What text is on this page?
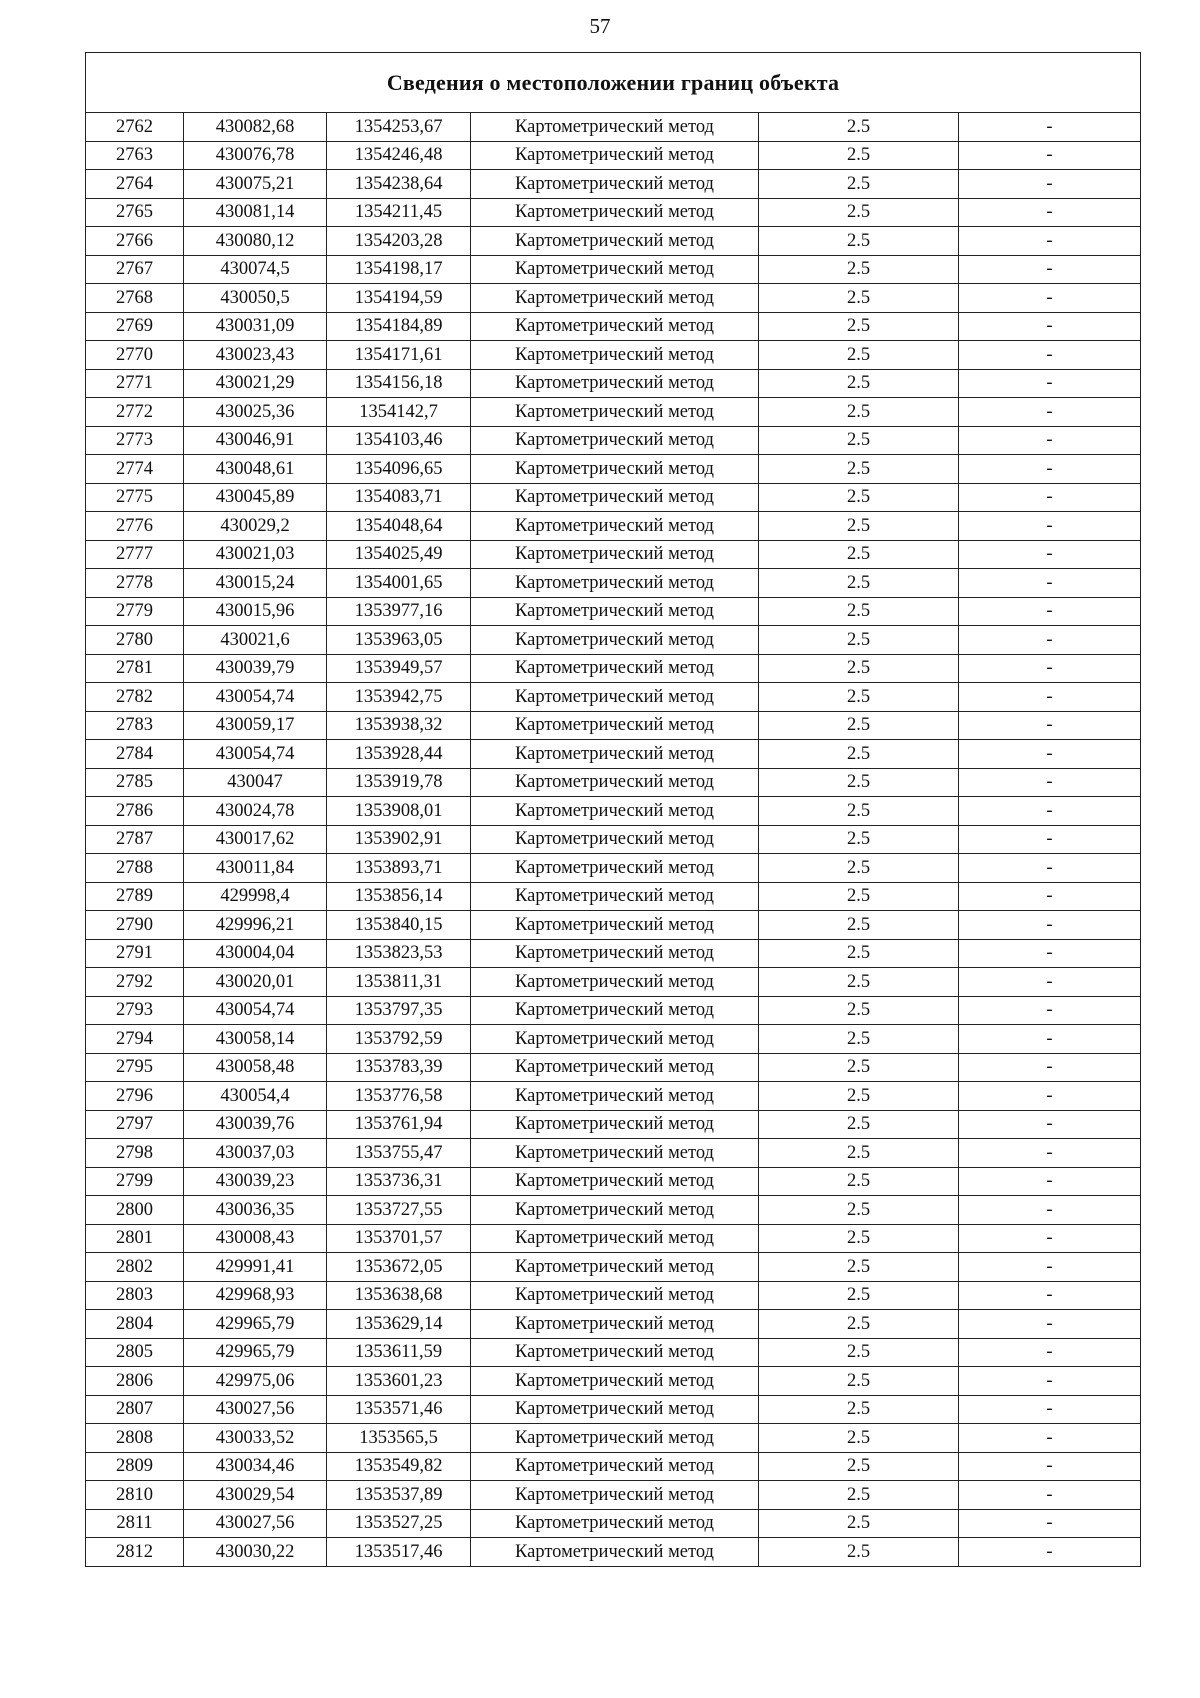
57
Сведения о местоположении границ объекта					
2762	430082,68	1354253,67	Картометрический метод	2.5	-
2763	430076,78	1354246,48	Картометрический метод	2.5	-
2764	430075,21	1354238,64	Картометрический метод	2.5	-
2765	430081,14	1354211,45	Картометрический метод	2.5	-
2766	430080,12	1354203,28	Картометрический метод	2.5	-
2767	430074,5	1354198,17	Картометрический метод	2.5	-
2768	430050,5	1354194,59	Картометрический метод	2.5	-
2769	430031,09	1354184,89	Картометрический метод	2.5	-
2770	430023,43	1354171,61	Картометрический метод	2.5	-
2771	430021,29	1354156,18	Картометрический метод	2.5	-
2772	430025,36	1354142,7	Картометрический метод	2.5	-
2773	430046,91	1354103,46	Картометрический метод	2.5	-
2774	430048,61	1354096,65	Картометрический метод	2.5	-
2775	430045,89	1354083,71	Картометрический метод	2.5	-
2776	430029,2	1354048,64	Картометрический метод	2.5	-
2777	430021,03	1354025,49	Картометрический метод	2.5	-
2778	430015,24	1354001,65	Картометрический метод	2.5	-
2779	430015,96	1353977,16	Картометрический метод	2.5	-
2780	430021,6	1353963,05	Картометрический метод	2.5	-
2781	430039,79	1353949,57	Картометрический метод	2.5	-
2782	430054,74	1353942,75	Картометрический метод	2.5	-
2783	430059,17	1353938,32	Картометрический метод	2.5	-
2784	430054,74	1353928,44	Картометрический метод	2.5	-
2785	430047	1353919,78	Картометрический метод	2.5	-
2786	430024,78	1353908,01	Картометрический метод	2.5	-
2787	430017,62	1353902,91	Картометрический метод	2.5	-
2788	430011,84	1353893,71	Картометрический метод	2.5	-
2789	429998,4	1353856,14	Картометрический метод	2.5	-
2790	429996,21	1353840,15	Картометрический метод	2.5	-
2791	430004,04	1353823,53	Картометрический метод	2.5	-
2792	430020,01	1353811,31	Картометрический метод	2.5	-
2793	430054,74	1353797,35	Картометрический метод	2.5	-
2794	430058,14	1353792,59	Картометрический метод	2.5	-
2795	430058,48	1353783,39	Картометрический метод	2.5	-
2796	430054,4	1353776,58	Картометрический метод	2.5	-
2797	430039,76	1353761,94	Картометрический метод	2.5	-
2798	430037,03	1353755,47	Картометрический метод	2.5	-
2799	430039,23	1353736,31	Картометрический метод	2.5	-
2800	430036,35	1353727,55	Картометрический метод	2.5	-
2801	430008,43	1353701,57	Картометрический метод	2.5	-
2802	429991,41	1353672,05	Картометрический метод	2.5	-
2803	429968,93	1353638,68	Картометрический метод	2.5	-
2804	429965,79	1353629,14	Картометрический метод	2.5	-
2805	429965,79	1353611,59	Картометрический метод	2.5	-
2806	429975,06	1353601,23	Картометрический метод	2.5	-
2807	430027,56	1353571,46	Картометрический метод	2.5	-
2808	430033,52	1353565,5	Картометрический метод	2.5	-
2809	430034,46	1353549,82	Картометрический метод	2.5	-
2810	430029,54	1353537,89	Картометрический метод	2.5	-
2811	430027,56	1353527,25	Картометрический метод	2.5	-
2812	430030,22	1353517,46	Картометрический метод	2.5	-
